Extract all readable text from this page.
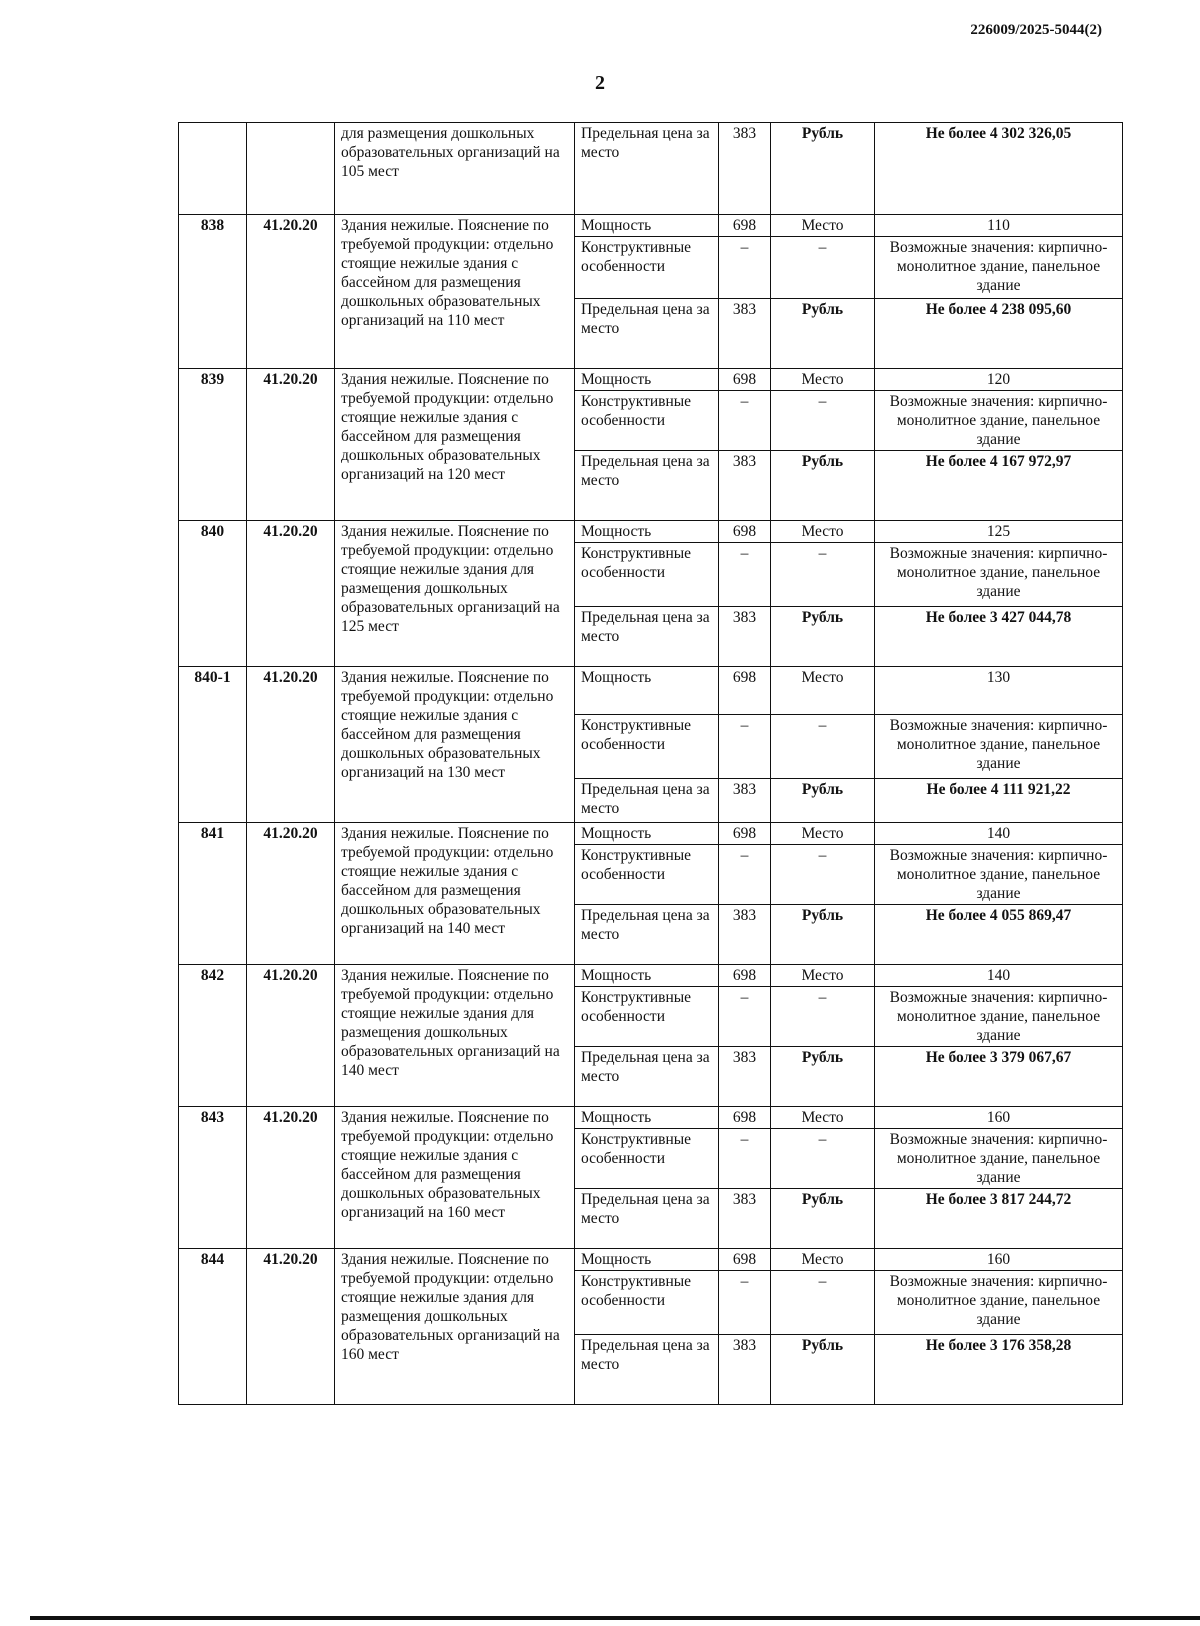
226009/2025-5044(2)
2
		для размещения дошкольных образовательных организаций на 105 мест	Предельная цена за место	383	Рубль	Не более 4 302 326,05
838	41.20.20	Здания нежилые. Пояснение по требуемой продукции: отдельно стоящие нежилые здания с бассейном для размещения дошкольных образовательных организаций на 110 мест	Мощность	698	Место	110
			Конструктивные особенности	–	–	Возможные значения: кирпично-монолитное здание, панельное здание
			Предельная цена за место	383	Рубль	Не более 4 238 095,60
839	41.20.20	Здания нежилые. Пояснение по требуемой продукции: отдельно стоящие нежилые здания с бассейном для размещения дошкольных образовательных организаций на 120 мест	Мощность	698	Место	120
			Конструктивные особенности	–	–	Возможные значения: кирпично-монолитное здание, панельное здание
			Предельная цена за место	383	Рубль	Не более 4 167 972,97
840	41.20.20	Здания нежилые. Пояснение по требуемой продукции: отдельно стоящие нежилые здания для размещения дошкольных образовательных организаций на 125 мест	Мощность	698	Место	125
			Конструктивные особенности	–	–	Возможные значения: кирпично-монолитное здание, панельное здание
			Предельная цена за место	383	Рубль	Не более 3 427 044,78
840-1	41.20.20	Здания нежилые. Пояснение по требуемой продукции: отдельно стоящие нежилые здания с бассейном для размещения дошкольных образовательных организаций на 130 мест	Мощность	698	Место	130
			Конструктивные особенности	–	–	Возможные значения: кирпично-монолитное здание, панельное здание
			Предельная цена за место	383	Рубль	Не более 4 111 921,22
841	41.20.20	Здания нежилые. Пояснение по требуемой продукции: отдельно стоящие нежилые здания с бассейном для размещения дошкольных образовательных организаций на 140 мест	Мощность	698	Место	140
			Конструктивные особенности	–	–	Возможные значения: кирпично-монолитное здание, панельное здание
			Предельная цена за место	383	Рубль	Не более 4 055 869,47
842	41.20.20	Здания нежилые. Пояснение по требуемой продукции: отдельно стоящие нежилые здания для размещения дошкольных образовательных организаций на 140 мест	Мощность	698	Место	140
			Конструктивные особенности	–	–	Возможные значения: кирпично-монолитное здание, панельное здание
			Предельная цена за место	383	Рубль	Не более 3 379 067,67
843	41.20.20	Здания нежилые. Пояснение по требуемой продукции: отдельно стоящие нежилые здания с бассейном для размещения дошкольных образовательных организаций на 160 мест	Мощность	698	Место	160
			Конструктивные особенности	–	–	Возможные значения: кирпично-монолитное здание, панельное здание
			Предельная цена за место	383	Рубль	Не более 3 817 244,72
844	41.20.20	Здания нежилые. Пояснение по требуемой продукции: отдельно стоящие нежилые здания для размещения дошкольных образовательных организаций на 160 мест	Мощность	698	Место	160
			Конструктивные особенности	–	–	Возможные значения: кирпично-монолитное здание, панельное здание
			Предельная цена за место	383	Рубль	Не более 3 176 358,28
